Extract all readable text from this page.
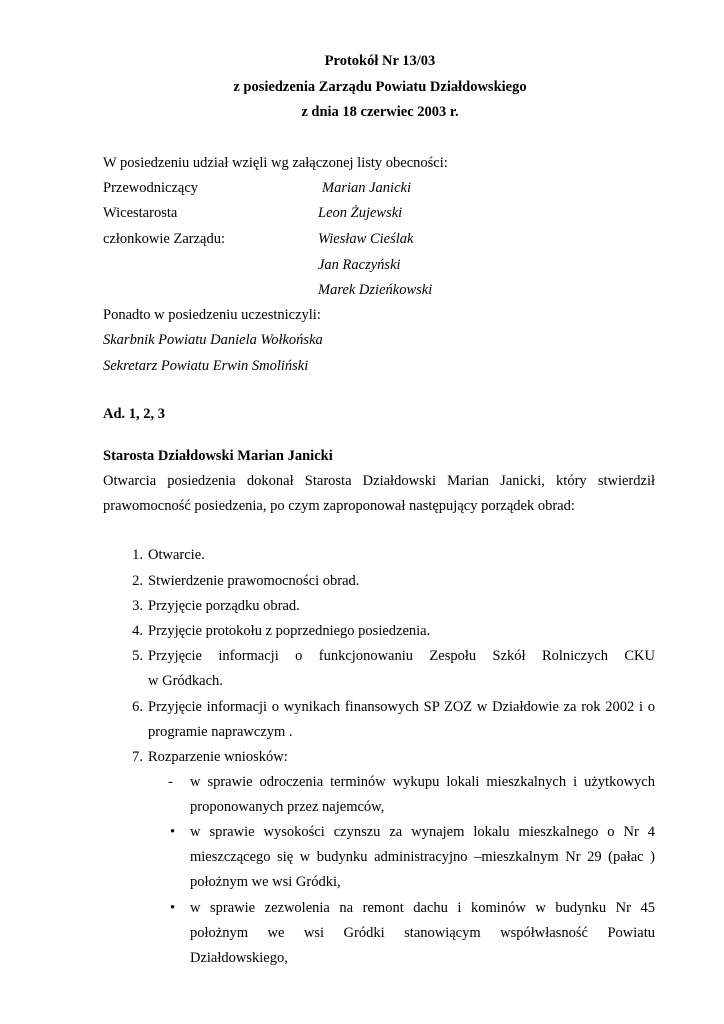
Protokół Nr 13/03
z posiedzenia Zarządu Powiatu Działdowskiego
z dnia 18 czerwiec 2003 r.
W posiedzeniu udział wzięli wg załączonej listy obecności:
Przewodniczący	Marian Janicki
Wicestarosta	Leon Żujewski
członkowie Zarządu:	Wiesław Cieślak
Jan Raczyński
Marek Dzieńkowski
Ponadto w posiedzeniu uczestniczyli:
Skarbnik Powiatu Daniela Wołkońska
Sekretarz Powiatu Erwin Smoliński
Ad. 1, 2, 3
Starosta Działdowski Marian Janicki
Otwarcia posiedzenia dokonał Starosta Działdowski Marian Janicki, który stwierdził
prawomocność posiedzenia, po czym zaproponował następujący porządek obrad:
1. Otwarcie.
2. Stwierdzenie prawomocności obrad.
3. Przyjęcie porządku obrad.
4. Przyjęcie protokołu z poprzedniego posiedzenia.
5. Przyjęcie informacji o funkcjonowaniu Zespołu Szkół Rolniczych CKU
w Gródkach.
6. Przyjęcie informacji o wynikach finansowych SP ZOZ w Działdowie za rok 2002 i o
programie naprawczym .
7. Rozparzenie wniosków:
- w sprawie odroczenia terminów wykupu lokali mieszkalnych i użytkowych
proponowanych przez najemców,
• w sprawie wysokości czynszu za wynajem lokalu mieszkalnego o Nr 4
mieszczącego się w budynku administracyjno –mieszkalnym Nr 29 (pałac )
położnym we wsi Gródki,
• w sprawie zezwolenia na remont dachu i kominów w budynku Nr 45
położnym we wsi Gródki stanowiącym współwłasność Powiatu
Działdowskiego,
